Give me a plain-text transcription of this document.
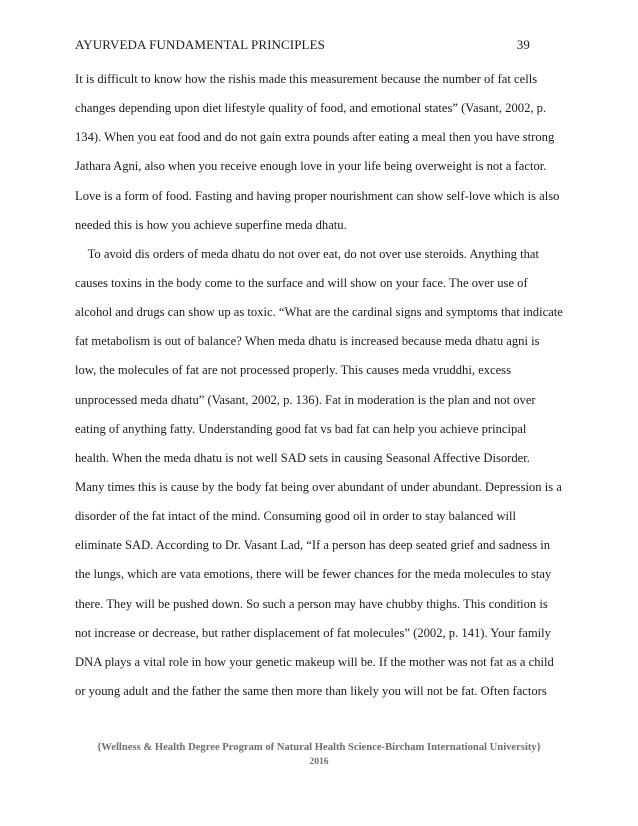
AYURVEDA FUNDAMENTAL PRINCIPLES	39
It is difficult to know how the rishis made this measurement because the number of fat cells
changes depending upon diet lifestyle quality of food, and emotional states” (Vasant, 2002, p.
134). When you eat food and do not gain extra pounds after eating a meal then you have strong
Jathara Agni, also when you receive enough love in your life being overweight is not a factor.
Love is a form of food. Fasting and having proper nourishment can show self-love which is also
needed this is how you achieve superfine meda dhatu.
To avoid dis orders of meda dhatu do not over eat, do not over use steroids. Anything that
causes toxins in the body come to the surface and will show on your face. The over use of
alcohol and drugs can show up as toxic. “What are the cardinal signs and symptoms that indicate
fat metabolism is out of balance? When meda dhatu is increased because meda dhatu agni is
low, the molecules of fat are not processed properly. This causes meda vruddhi, excess
unprocessed meda dhatu” (Vasant, 2002, p. 136). Fat in moderation is the plan and not over
eating of anything fatty. Understanding good fat vs bad fat can help you achieve principal
health. When the meda dhatu is not well SAD sets in causing Seasonal Affective Disorder.
Many times this is cause by the body fat being over abundant of under abundant. Depression is a
disorder of the fat intact of the mind. Consuming good oil in order to stay balanced will
eliminate SAD. According to Dr. Vasant Lad, “If a person has deep seated grief and sadness in
the lungs, which are vata emotions, there will be fewer chances for the meda molecules to stay
there. They will be pushed down. So such a person may have chubby thighs. This condition is
not increase or decrease, but rather displacement of fat molecules” (2002, p. 141). Your family
DNA plays a vital role in how your genetic makeup will be. If the mother was not fat as a child
or young adult and the father the same then more than likely you will not be fat. Often factors
{Wellness & Health Degree Program of Natural Health Science-Bircham International University}
2016
